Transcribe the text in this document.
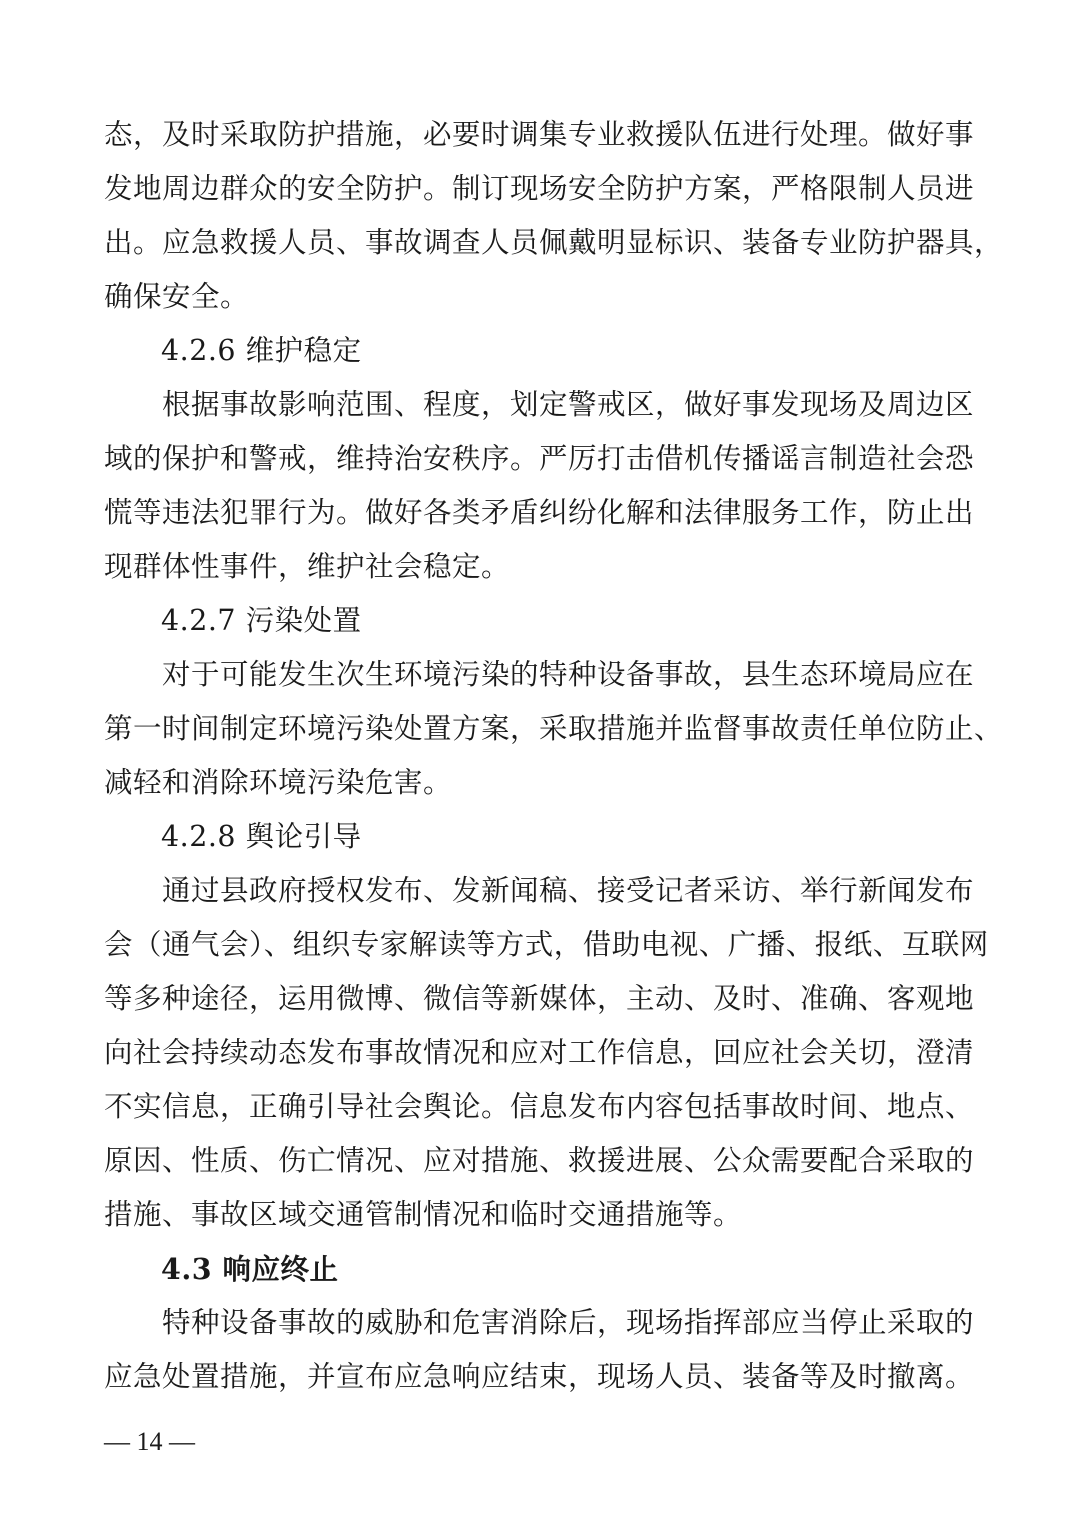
态，及时采取防护措施，必要时调集专业救援队伍进行处理。做好事
发地周边群众的安全防护。制订现场安全防护方案，严格限制人员进
出。应急救援人员、事故调查人员佩戴明显标识、装备专业防护器具，
确保安全。
4.2.6 维护稳定
　　根据事故影响范围、程度，划定警戒区，做好事发现场及周边区
域的保护和警戒，维持治安秩序。严厉打击借机传播谣言制造社会恐
慌等违法犯罪行为。做好各类矛盾纠纷化解和法律服务工作，防止出
现群体性事件，维护社会稳定。
4.2.7 污染处置
　　对于可能发生次生环境污染的特种设备事故，县生态环境局应在
第一时间制定环境污染处置方案，采取措施并监督事故责任单位防止、
减轻和消除环境污染危害。
4.2.8 舆论引导
　　通过县政府授权发布、发新闻稿、接受记者采访、举行新闻发布
会（通气会）、组织专家解读等方式，借助电视、广播、报纸、互联网
等多种途径，运用微博、微信等新媒体，主动、及时、准确、客观地
向社会持续动态发布事故情况和应对工作信息，回应社会关切，澄清
不实信息，正确引导社会舆论。信息发布内容包括事故时间、地点、
原因、性质、伤亡情况、应对措施、救援进展、公众需要配合采取的
措施、事故区域交通管制情况和临时交通措施等。
4.3 响应终止
　　特种设备事故的威胁和危害消除后，现场指挥部应当停止采取的
应急处置措施，并宣布应急响应结束，现场人员、装备等及时撤离。
— 14 —
